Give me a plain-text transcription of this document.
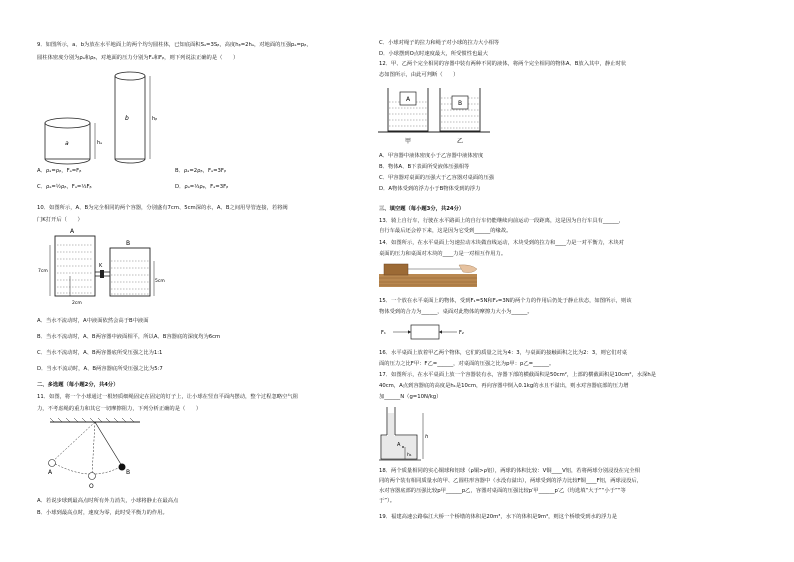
9．如图所示，a、b为放在水平地面上的两个均匀圆柱体，已知底面积Sₐ=3Sᵦ，高度hᵦ=2hₐ，对地面的压强pₐ=pᵦ，
圆柱体密度分别为ρₐ和ρᵦ，对地面的压力分别为Fₐ和Fᵦ，则下列说法正确的是（　　）
a
b
hₐ
hᵦ
A．ρₐ=ρᵦ，Fₐ=Fᵦ	B．ρₐ=2ρᵦ，Fₐ=3Fᵦ
C．ρₐ=½ρᵦ，Fₐ=⅓Fᵦ	D．ρₐ=⅓ρᵦ，Fₐ=3Fᵦ
10．如图所示，A、B为完全相同的两个容器，分别盛有7cm、5cm深的水，A、B之间用导管连接，若将阀
门K打开后（　　）
A
B
K
7cm
5cm
2cm
A．当水不流动时，A中液面依然会高于B中液面
B．当水不流动时，A、B两容器中液面相平，所以A、B容器底的深度均为6cm
C．当水不流动时，A、B两容器底所受压强之比为1:1
D．当水不流动时，A、B两容器底所受压强之比为5:7
二、多选题（每小题2分，共4分）
11．如图，将一个小球通过一根轻质细绳固定在固定的钉子上，让小球在竖直平面内摆动，整个过程忽略空气阻
力，不考虑绳的重力和其它一切摩擦阻力，下列分析正确的是（　　）
A
O
B
A．若说步球到最高点时所有外力消失，小球将静止在最高点
B．小球到最高点时，速度为零，此时受平衡力的作用。
C．小球对绳子的拉力和绳子对小球的拉力大小相等
D．小球摆到O点时速度最大，所受惯性也最大
12．甲、乙两个完全相同的容器中装有两种不同的液体，将两个完全相同的物体A、B放入其中，静止时状
态如图所示，由此可判断（　　）
A
B
甲	乙
A．甲容器中液体密度小于乙容器中液体密度
B．物体A、B下表面所受液体压强相等
C．甲容器对桌面的压强大于乙容器对桌面的压强
D．A物体受到的浮力小于B物体受到的浮力
三、填空题（每小题3分，共24分）
13．骑上自行车，行驶在水平路面上的自行车仍能继续向前运动一段距离，这是因为自行车具有______，
自行车最后还会停下来，这是因为它受到______的缘故。
14．如图所示，在水平桌面上匀速拉动木块做直线运动，木块受到的拉力和____力是一对平衡力，木块对
桌面的压力和桌面对木块的____力是一对相互作用力。
15．一个放在水平桌面上的物体，受到F₁=5N和F₂=3N的两个力的作用后仍处于静止状态，如图所示，则该
物体受到的合力为______，桌面对此物体的摩擦力大小为______。
F₁	F₂
16．水平桌面上放着甲乙两个物体，它们的质量之比为4：3，与桌面的接触面积之比为2：3，则它们对桌
面的压力之比F甲：F乙=______，对桌面的压强之比为p甲：p乙=______。
17．如图所示，在水平桌面上放一个容器装有水，容器下部的横截面积是50cm²，上部的横截面积是10cm²，水深h是
40cm，A点到容器底的高度是h₁是10cm，再向容器中倒入0.1kg的水且不溢出，则水对容器底部的压力增
加______N（g=10N/kg）
A
h₁
h
18．两个质量相同的实心铜球和铝球（ρ铜>ρ铝），两球的体积比较：V铜____V铝，若将两球分别浸没在完全相
同的两个装有相同质量水的甲、乙圆柱形容器中（水没有溢出），两球受到的浮力比较F铜____F铝，两球浸没后，
水对容器底部的压强比较p甲______p乙，容器对桌面的压强比较p′甲______p′乙（均选填“大于”“小于”“等
于”）。
19．福建高速公路临江大桥一个桥墩的体积是20m³，水下的体积是9m³，则这个桥墩受到水的浮力是
